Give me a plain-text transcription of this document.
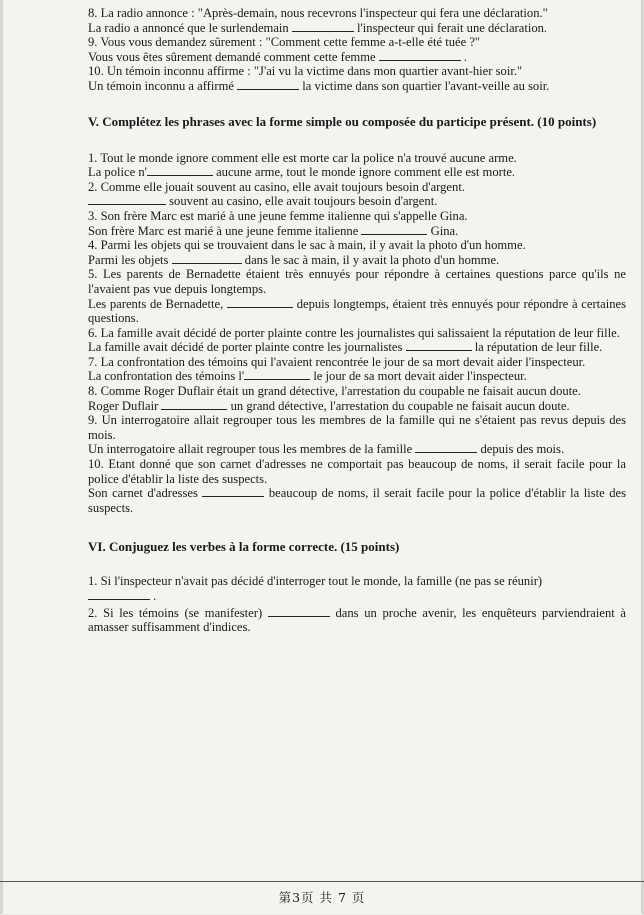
8. La radio annonce : "Après-demain, nous recevrons l'inspecteur qui fera une déclaration."

La radio a annoncé que le surlendemain	l'inspecteur qui ferait une déclaration.

9. Vous vous demandez sûrement : "Comment cette femme a-t-elle été tuée ?"

Vous vous êtes sûrement demandé comment cette femme	.

10. Un témoin inconnu affirme : "J'ai vu la victime dans mon quartier avant-hier soir."

Un témoin inconnu a affirmé	la victime dans son quartier l'avant-veille au soir.

V. Complétez les phrases avec la forme simple ou composée du participe présent. (10 points)

1. Tout le monde ignore comment elle est morte car la police n'a trouvé aucune arme.

La police n'	aucune arme, tout le monde ignore comment elle est morte.

2. Comme elle jouait souvent au casino, elle avait toujours besoin d'argent.

souvent au casino, elle avait toujours besoin d'argent.

3. Son frère Marc est marié à une jeune femme italienne qui s'appelle Gina.

Son frère Marc est marié à une jeune femme italienne	Gina.

4. Parmi les objets qui se trouvaient dans le sac à main, il y avait la photo d'un homme.

Parmi les objets	dans le sac à main, il y avait la photo d'un homme.

5. Les parents de Bernadette étaient très ennuyés pour répondre à certaines questions parce qu'ils ne l'avaient pas vue depuis longtemps.

Les parents de Bernadette,	depuis longtemps, étaient très ennuyés pour répondre à certaines questions.

6. La famille avait décidé de porter plainte contre les journalistes qui salissaient la réputation de leur fille.

La famille avait décidé de porter plainte contre les journalistes	la réputation de leur fille.

7. La confrontation des témoins qui l'avaient rencontrée le jour de sa mort devait aider l'inspecteur.

La confrontation des témoins l'	le jour de sa mort devait aider l'inspecteur.

8. Comme Roger Duflair était un grand détective, l'arrestation du coupable ne faisait aucun doute.

Roger Duflair	un grand détective, l'arrestation du coupable ne faisait aucun doute.

9. Un interrogatoire allait regrouper tous les membres de la famille qui ne s'étaient pas revus depuis des mois.

Un interrogatoire allait regrouper tous les membres de la famille	depuis des mois.

10. Etant donné que son carnet d'adresses ne comportait pas beaucoup de noms, il serait facile pour la police d'établir la liste des suspects.

Son carnet d'adresses	beaucoup de noms, il serait facile pour la police d'établir la liste des suspects.

VI. Conjuguez les verbes à la forme correcte. (15 points)

1. Si l'inspecteur n'avait pas décidé d'interroger tout le monde, la famille (ne pas se réunir)

.

2. Si les témoins (se manifester)	dans un proche avenir, les enquêteurs parviendraient à amasser suffisamment d'indices.

第3页 共 7 页
